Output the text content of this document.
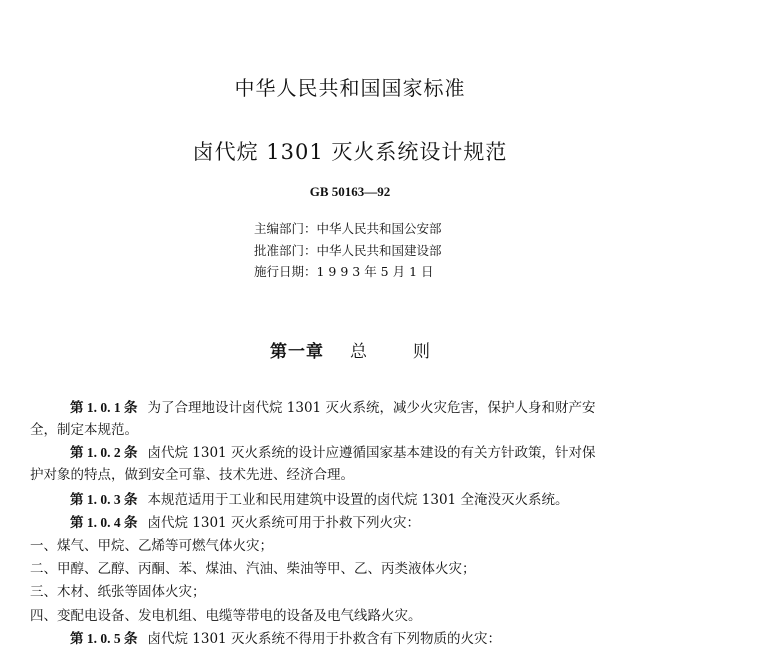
中华人民共和国国家标准
卤代烷 1301 灭火系统设计规范
GB 50163—92
主编部门：中华人民共和国公安部
批准部门：中华人民共和国建设部
施行日期：1 9 9 3 年 5 月 1 日
第一章 总	则
第 1. 0. 1 条 为了合理地设计卤代烷 1301 灭火系统，减少火灾危害，保护人身和财产安
全，制定本规范。
第 1. 0. 2 条 卤代烷 1301 灭火系统的设计应遵循国家基本建设的有关方针政策，针对保
护对象的特点，做到安全可靠、技术先进、经济合理。
第 1. 0. 3 条 本规范适用于工业和民用建筑中设置的卤代烷 1301 全淹没灭火系统。
第 1. 0. 4 条 卤代烷 1301 灭火系统可用于扑救下列火灾：
一、煤气、甲烷、乙烯等可燃气体火灾；
二、甲醇、乙醇、丙酮、苯、煤油、汽油、柴油等甲、乙、丙类液体火灾；
三、木材、纸张等固体火灾；
四、变配电设备、发电机组、电缆等带电的设备及电气线路火灾。
第 1. 0. 5 条 卤代烷 1301 灭火系统不得用于扑救含有下列物质的火灾：
